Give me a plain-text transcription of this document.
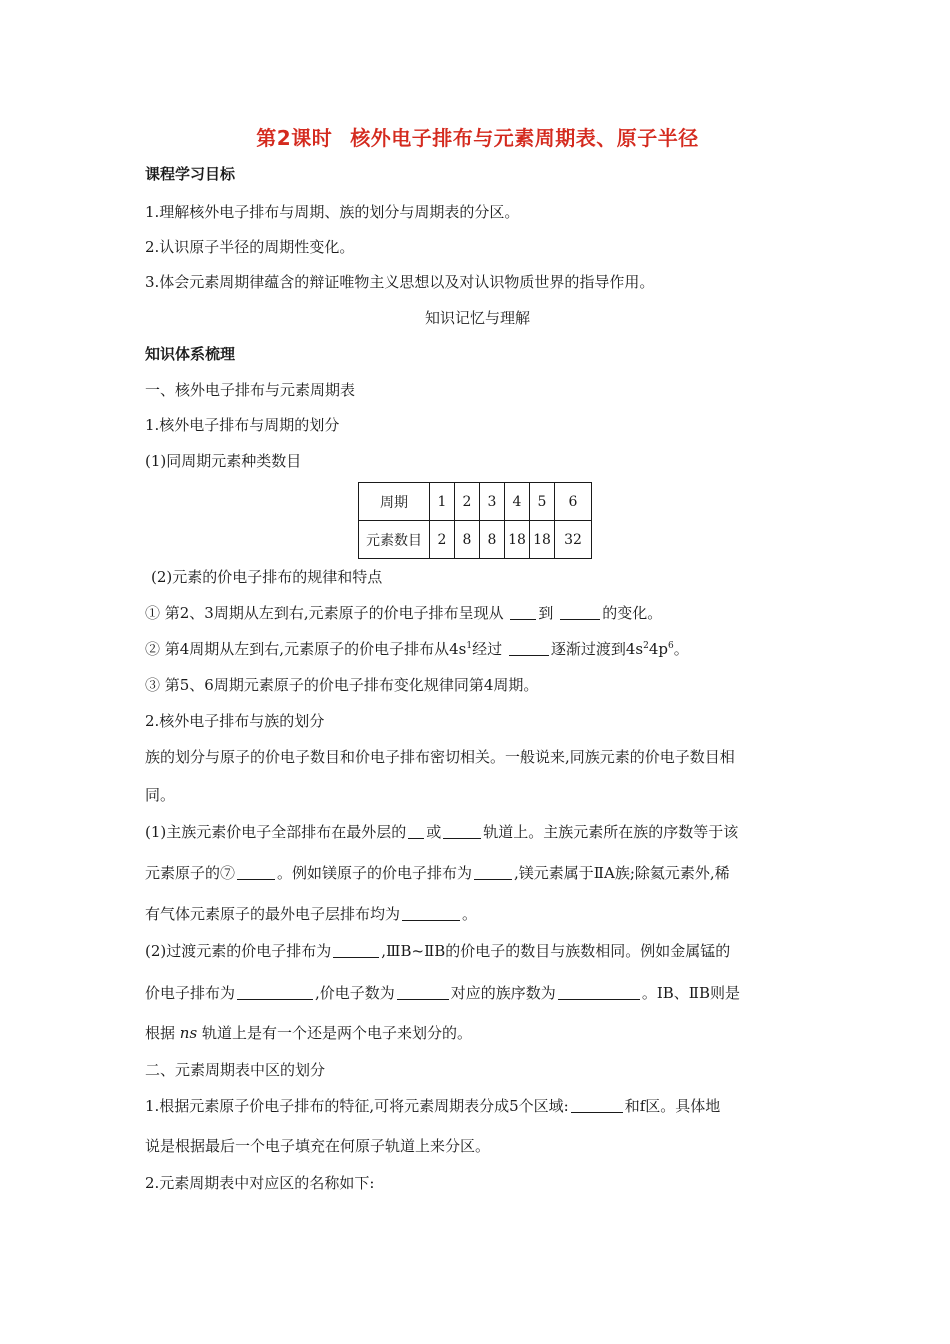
第2课时 核外电子排布与元素周期表、原子半径
课程学习目标
1.理解核外电子排布与周期、族的划分与周期表的分区。
2.认识原子半径的周期性变化。
3.体会元素周期律蕴含的辩证唯物主义思想以及对认识物质世界的指导作用。
知识记忆与理解
知识体系梳理
一、核外电子排布与元素周期表
1.核外电子排布与周期的划分
(1)同周期元素种类数目
周期	1	2	3	4	5	6
元素数目	2	8	8	18	18	32
(2)元素的价电子排布的规律和特点
① 第2、3周期从左到右,元素原子的价电子排布呈现从 到	的变化。
② 第4周期从左到右,元素原子的价电子排布从$4s^1$经过	逐渐过渡到$4s^24p^6$。
③ 第5、6周期元素原子的价电子排布变化规律同第4周期。
2.核外电子排布与族的划分
族的划分与原子的价电子数目和价电子排布密切相关。一般说来,同族元素的价电子数目相
同。
(1)主族元素价电子全部排布在最外层的 或	轨道上。主族元素所在族的序数等于该
元素原子的⑦	。例如镁原子的价电子排布为	,镁元素属于ⅡA族;除氦元素外,稀
有气体元素原子的最外电子层排布均为	。
(2)过渡元素的价电子排布为	,ⅢB~ⅡB的价电子的数目与族数相同。例如金属锰的
价电子排布为	,价电子数为	对应的族序数为	。ⅠB、ⅡB则是
根据 ns 轨道上是有一个还是两个电子来划分的。
二、元素周期表中区的划分
1.根据元素原子价电子排布的特征,可将元素周期表分成5个区域:	和f区。具体地
说是根据最后一个电子填充在何原子轨道上来分区。
2.元素周期表中对应区的名称如下:
